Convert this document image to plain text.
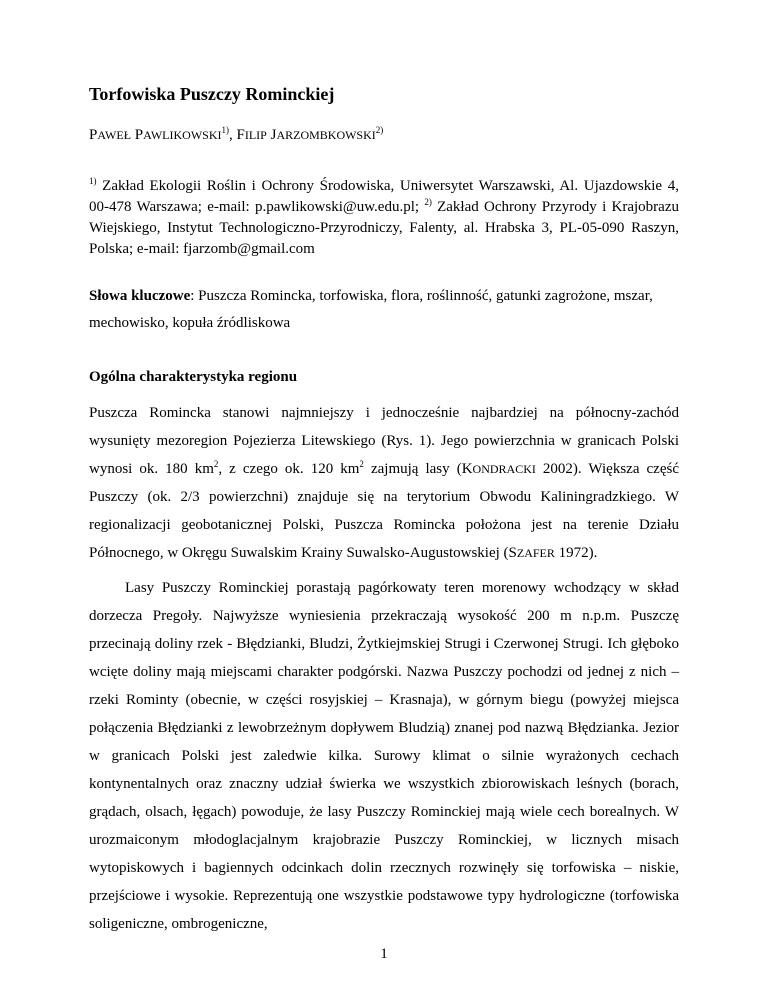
Torfowiska Puszczy Rominckiej
PAWEŁ PAWLIKOWSKI$^{1)}$, FILIP JARZOMBKOWSKI$^{2)}$
$^{1)}$ Zakład Ekologii Roślin i Ochrony Środowiska, Uniwersytet Warszawski, Al. Ujazdowskie 4, 00-478 Warszawa; e-mail: p.pawlikowski@uw.edu.pl; $^{2)}$ Zakład Ochrony Przyrody i Krajobrazu Wiejskiego, Instytut Technologiczno-Przyrodniczy, Falenty, al. Hrabska 3, PL-05-090 Raszyn, Polska; e-mail: fjarzomb@gmail.com
Słowa kluczowe: Puszcza Romincka, torfowiska, flora, roślinność, gatunki zagrożone, mszar, mechowisko, kopuła źródliskowa
Ogólna charakterystyka regionu

Puszcza Romincka stanowi najmniejszy i jednocześnie najbardziej na północny-zachód wysunięty mezoregion Pojezierza Litewskiego (Rys. 1). Jego powierzchnia w granicach Polski wynosi ok. 180 $km^2$, z czego ok. 120 $km^2$ zajmują lasy (KONDRACKI 2002). Większa część Puszczy (ok. 2/3 powierzchni) znajduje się na terytorium Obwodu Kaliningradzkiego. W regionalizacji geobotanicznej Polski, Puszcza Romincka położona jest na terenie Działu Północnego, w Okręgu Suwalskim Krainy Suwalsko-Augustowskiej (SZAFER 1972).

Lasy Puszczy Rominckiej porastają pagórkowaty teren morenowy wchodzący w skład dorzecza Pregoły. Najwyższe wyniesienia przekraczają wysokość 200 m n.p.m. Puszczę przecinają doliny rzek - Błędzianki, Bludzi, Żytkiejmskiej Strugi i Czerwonej Strugi. Ich głęboko wcięte doliny mają miejscami charakter podgórski. Nazwa Puszczy pochodzi od jednej z nich – rzeki Rominty (obecnie, w części rosyjskiej – Krasnaja), w górnym biegu (powyżej miejsca połączenia Błędzianki z lewobrzeżnym dopływem Bludzią) znanej pod nazwą Błędzianka. Jezior w granicach Polski jest zaledwie kilka. Surowy klimat o silnie wyrażonych cechach kontynentalnych oraz znaczny udział świerka we wszystkich zbiorowiskach leśnych (borach, grądach, olsach, łęgach) powoduje, że lasy Puszczy Rominckiej mają wiele cech borealnych. W urozmaiconym młodoglacjalnym krajobrazie Puszczy Rominckiej, w licznych misach wytopiskowych i bagiennych odcinkach dolin rzecznych rozwinęły się torfowiska – niskie, przejściowe i wysokie. Reprezentują one wszystkie podstawowe typy hydrologiczne (torfowiska soligeniczne, ombrogeniczne,

1
